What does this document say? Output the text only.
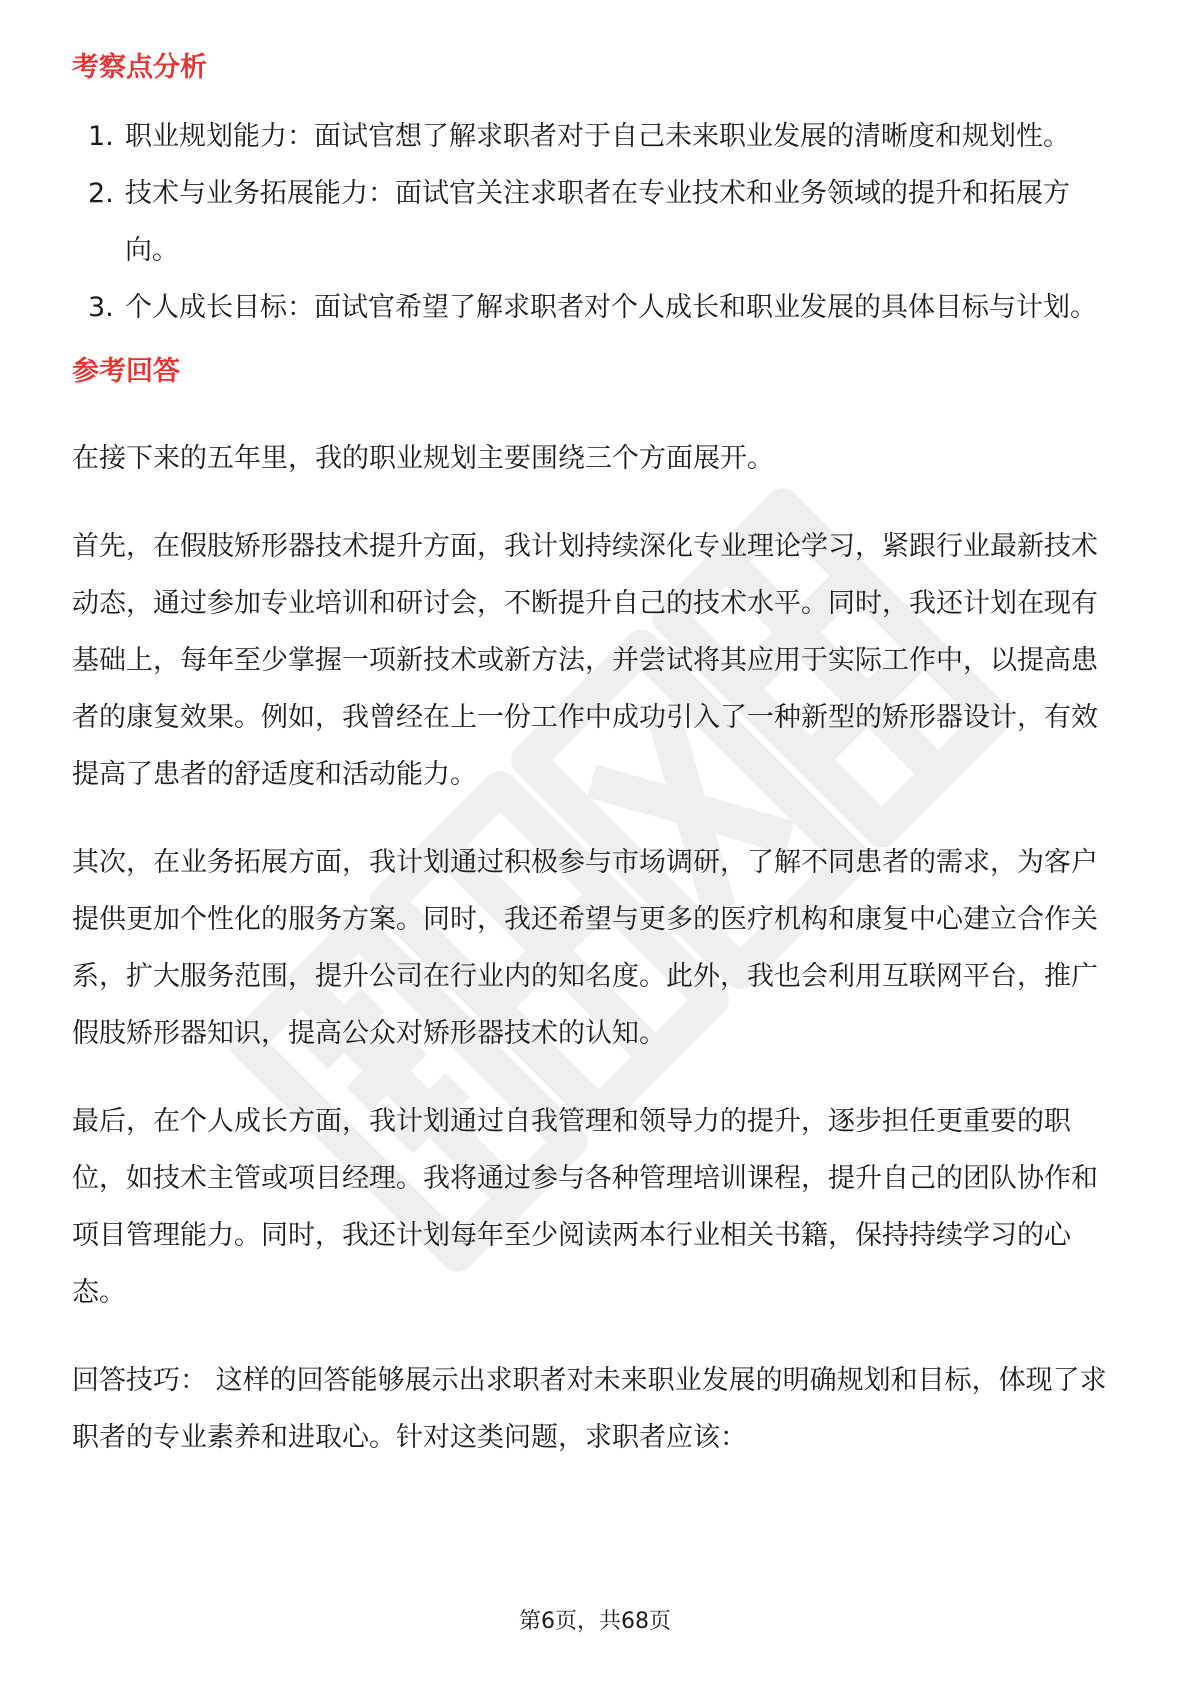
考察点分析
1. 职业规划能力：面试官想了解求职者对于自己未来职业发展的清晰度和规划性。
2. 技术与业务拓展能力：面试官关注求职者在专业技术和业务领域的提升和拓展方向。
3. 个人成长目标：面试官希望了解求职者对个人成长和职业发展的具体目标与计划。
参考回答

在接下来的五年里，我的职业规划主要围绕三个方面展开。

首先，在假肢矫形器技术提升方面，我计划持续深化专业理论学习，紧跟行业最新技术动态，通过参加专业培训和研讨会，不断提升自己的技术水平。同时，我还计划在现有基础上，每年至少掌握一项新技术或新方法，并尝试将其应用于实际工作中，以提高患者的康复效果。例如，我曾经在上一份工作中成功引入了一种新型的矫形器设计，有效提高了患者的舒适度和活动能力。

其次，在业务拓展方面，我计划通过积极参与市场调研，了解不同患者的需求，为客户提供更加个性化的服务方案。同时，我还希望与更多的医疗机构和康复中心建立合作关系，扩大服务范围，提升公司在行业内的知名度。此外，我也会利用互联网平台，推广假肢矫形器知识，提高公众对矫形器技术的认知。

最后，在个人成长方面，我计划通过自我管理和领导力的提升，逐步担任更重要的职位，如技术主管或项目经理。我将通过参与各种管理培训课程，提升自己的团队协作和项目管理能力。同时，我还计划每年至少阅读两本行业相关书籍，保持持续学习的心态。

回答技巧： 这样的回答能够展示出求职者对未来职业发展的明确规划和目标，体现了求职者的专业素养和进取心。针对这类问题，求职者应该：

第6页，共68页
